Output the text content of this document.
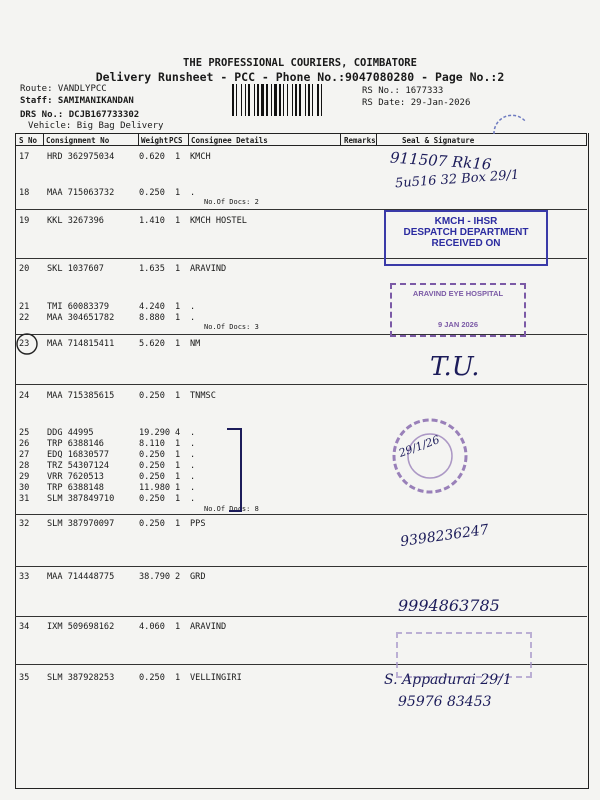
THE PROFESSIONAL COURIERS, COIMBATORE
Delivery Runsheet - PCC - Phone No.:9047080280 - Page No.:2
Route: VANDLYPCC
Staff: SAMIMANIKANDAN
DRS No.: DCJB167733302
Vehicle: Big Bag Delivery
RS No.: 1677333
RS Date: 29-Jan-2026
S No Consignment No	Weight PCS Consignee Details	Remarks	Seal & Signature
17 HRD 362975034	0.620 1 KMCH
18 MAA 715063732	0.250 1 .
No.Of Docs: 2
19 KKL 3267396	1.410 1 KMCH HOSTEL
20 SKL 1037607	1.635 1 ARAVIND
21 TMI 60083379	4.240 1 .
22 MAA 304651782	8.880 1 .
No.Of Docs: 3
23 MAA 714815411	5.620 1 NM
24 MAA 715385615	0.250 1 TNMSC
25 DDG 44995	19.290 4 .
26 TRP 6388146	8.110 1 .
27 EDQ 16830577	0.250 1 .
28 TRZ 54307124	0.250 1 .
29 VRR 7620513	0.250 1 .
30 TRP 6388148	11.980 1 .
31 SLM 387849710	0.250 1 .
No.Of Docs: 8
32 SLM 387970097	0.250 1 PPS
33 MAA 714448775	38.790 2 GRD
34 IXM 509698162	4.060 1 ARAVIND
35 SLM 387928253	0.250 1 VELLINGIRI
KMCH - IHSR
DESPATCH DEPARTMENT
RECEIVED ON
ARAVIND EYE HOSPITAL
9 JAN 2026
911507 Rk16
5u516 32 Box 29/1
T.U.
29/1/26
9398236247
9994863785
S. Appadurai 29/1
95976 83453
